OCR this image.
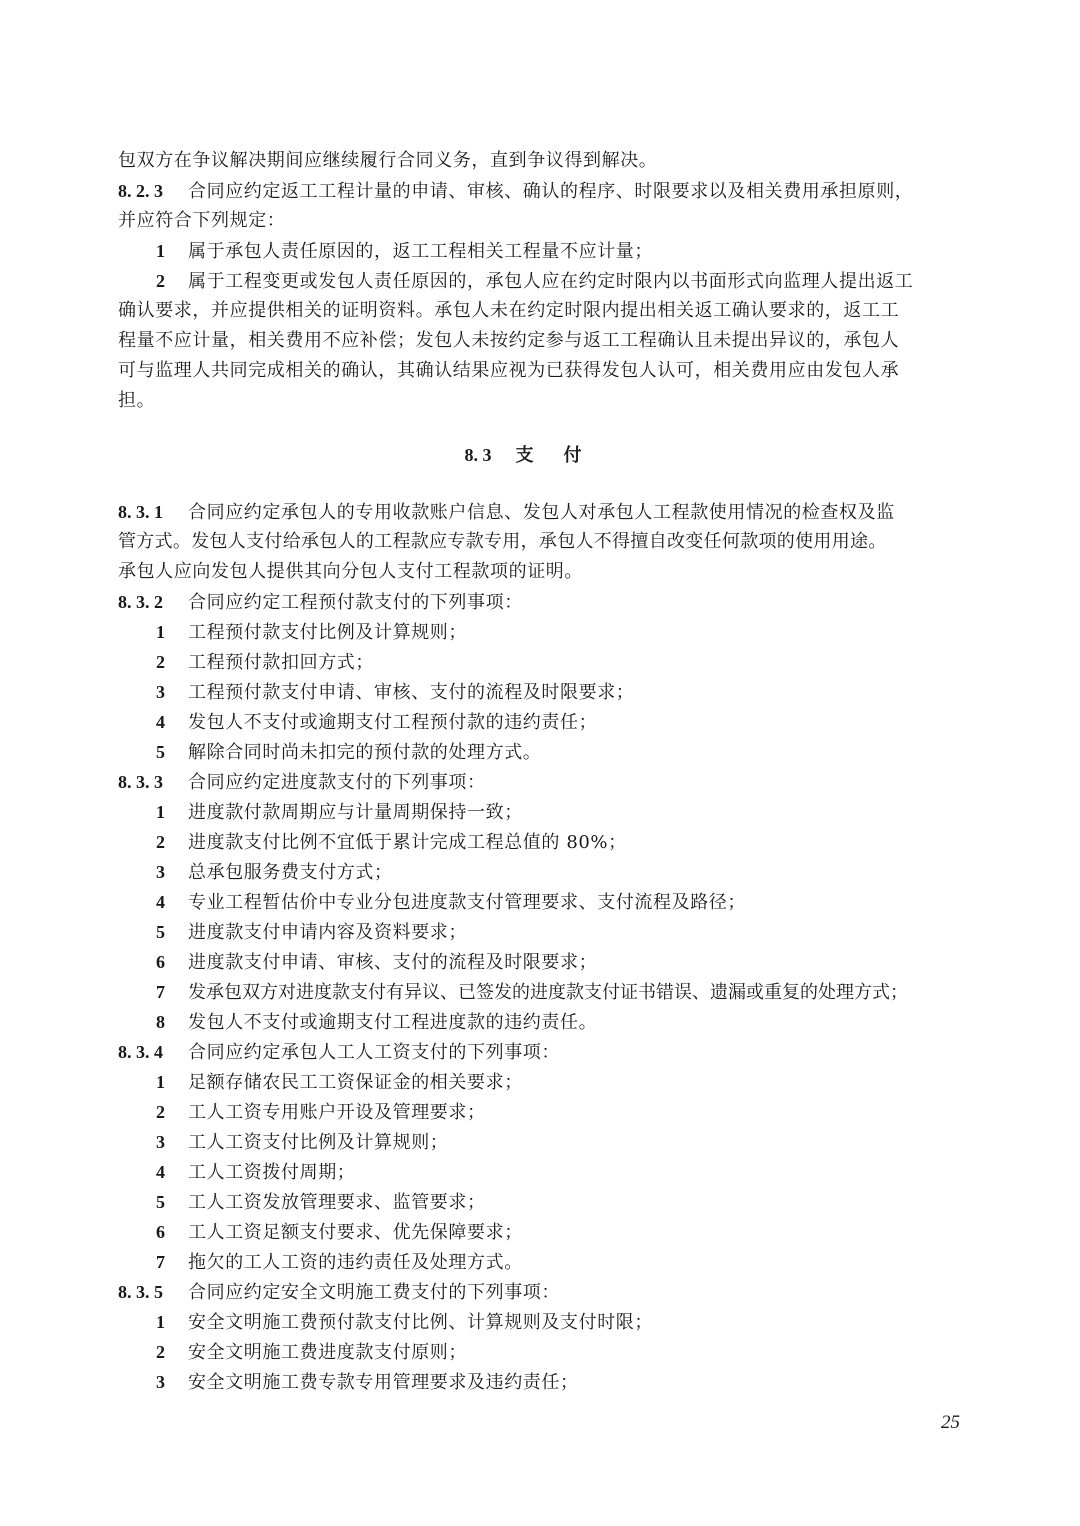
包双方在争议解决期间应继续履行合同义务，直到争议得到解决。
8. 2. 3 合同应约定返工工程计量的申请、审核、确认的程序、时限要求以及相关费用承担原则，
并应符合下列规定：
1 属于承包人责任原因的，返工工程相关工程量不应计量；
2 属于工程变更或发包人责任原因的，承包人应在约定时限内以书面形式向监理人提出返工
确认要求，并应提供相关的证明资料。承包人未在约定时限内提出相关返工确认要求的，返工工
程量不应计量，相关费用不应补偿；发包人未按约定参与返工工程确认且未提出异议的，承包人
可与监理人共同完成相关的确认，其确认结果应视为已获得发包人认可，相关费用应由发包人承
担。
8. 3 支付
8. 3. 1 合同应约定承包人的专用收款账户信息、发包人对承包人工程款使用情况的检查权及监
管方式。发包人支付给承包人的工程款应专款专用，承包人不得擅自改变任何款项的使用用途。
承包人应向发包人提供其向分包人支付工程款项的证明。
8. 3. 2 合同应约定工程预付款支付的下列事项：
1 工程预付款支付比例及计算规则；
2 工程预付款扣回方式；
3 工程预付款支付申请、审核、支付的流程及时限要求；
4 发包人不支付或逾期支付工程预付款的违约责任；
5 解除合同时尚未扣完的预付款的处理方式。
8. 3. 3 合同应约定进度款支付的下列事项：
1 进度款付款周期应与计量周期保持一致；
2 进度款支付比例不宜低于累计完成工程总值的 80%；
3 总承包服务费支付方式；
4 专业工程暂估价中专业分包进度款支付管理要求、支付流程及路径；
5 进度款支付申请内容及资料要求；
6 进度款支付申请、审核、支付的流程及时限要求；
7 发承包双方对进度款支付有异议、已签发的进度款支付证书错误、遗漏或重复的处理方式；
8 发包人不支付或逾期支付工程进度款的违约责任。
8. 3. 4 合同应约定承包人工人工资支付的下列事项：
1 足额存储农民工工资保证金的相关要求；
2 工人工资专用账户开设及管理要求；
3 工人工资支付比例及计算规则；
4 工人工资拨付周期；
5 工人工资发放管理要求、监管要求；
6 工人工资足额支付要求、优先保障要求；
7 拖欠的工人工资的违约责任及处理方式。
8. 3. 5 合同应约定安全文明施工费支付的下列事项：
1 安全文明施工费预付款支付比例、计算规则及支付时限；
2 安全文明施工费进度款支付原则；
3 安全文明施工费专款专用管理要求及违约责任；
25
